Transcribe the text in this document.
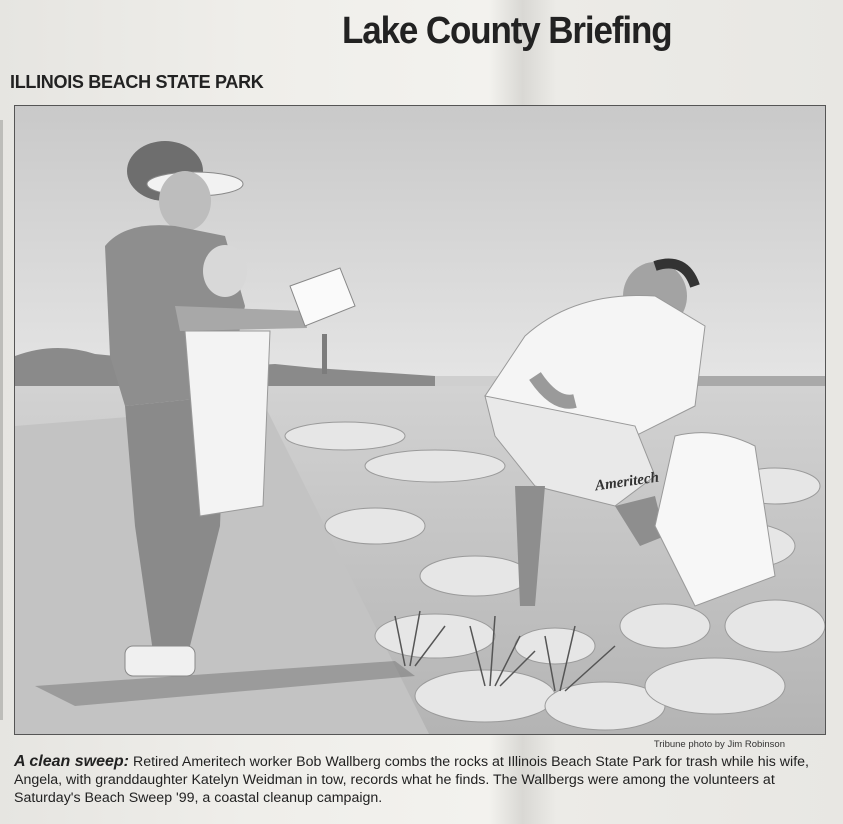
Lake County Briefing
ILLINOIS BEACH STATE PARK
Ameritech
Tribune photo by Jim Robinson
A clean sweep: Retired Ameritech worker Bob Wallberg combs the rocks at Illinois Beach State Park for trash while his wife, Angela, with granddaughter Katelyn Weidman in tow, records what he finds. The Wallbergs were among the volunteers at Saturday's Beach Sweep '99, a coastal cleanup campaign.
